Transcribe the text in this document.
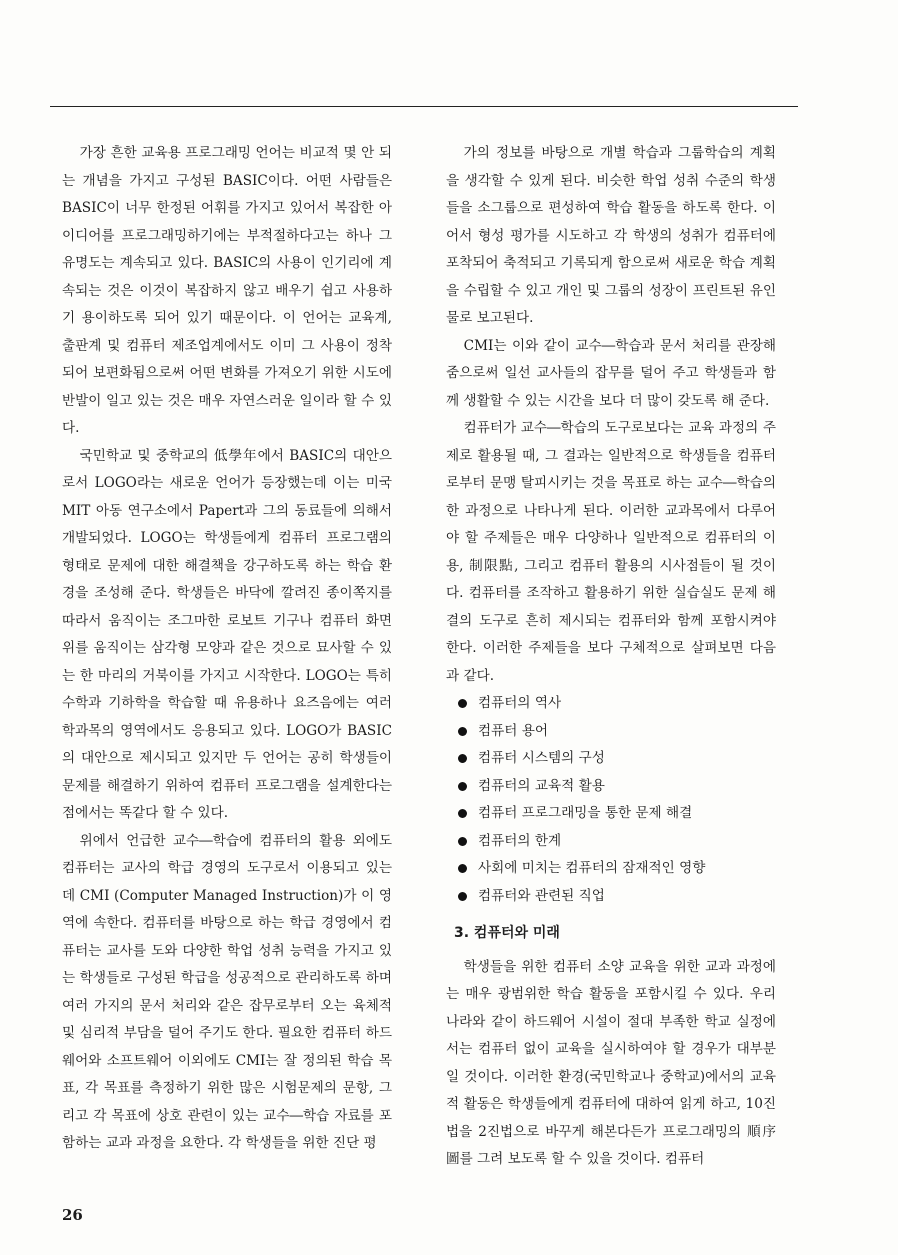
가장 흔한 교육용 프로그래밍 언어는 비교적 몇 안 되는 개념을 가지고 구성된 BASIC이다. 어떤 사람들은 BASIC이 너무 한정된 어휘를 가지고 있어서 복잡한 아이디어를 프로그래밍하기에는 부적절하다고는 하나 그 유명도는 계속되고 있다. BASIC의 사용이 인기리에 계속되는 것은 이것이 복잡하지 않고 배우기 쉽고 사용하기 용이하도록 되어 있기 때문이다. 이 언어는 교육계, 출판계 및 컴퓨터 제조업계에서도 이미 그 사용이 정착되어 보편화됨으로써 어떤 변화를 가져오기 위한 시도에 반발이 일고 있는 것은 매우 자연스러운 일이라 할 수 있다.

국민학교 및 중학교의 低學年에서 BASIC의 대안으로서 LOGO라는 새로운 언어가 등장했는데 이는 미국 MIT 아동 연구소에서 Papert과 그의 동료들에 의해서 개발되었다. LOGO는 학생들에게 컴퓨터 프로그램의 형태로 문제에 대한 해결책을 강구하도록 하는 학습 환경을 조성해 준다. 학생들은 바닥에 깔려진 종이쪽지를 따라서 움직이는 조그마한 로보트 기구나 컴퓨터 화면 위를 움직이는 삼각형 모양과 같은 것으로 묘사할 수 있는 한 마리의 거북이를 가지고 시작한다. LOGO는 특히 수학과 기하학을 학습할 때 유용하나 요즈음에는 여러 학과목의 영역에서도 응용되고 있다. LOGO가 BASIC의 대안으로 제시되고 있지만 두 언어는 공히 학생들이 문제를 해결하기 위하여 컴퓨터 프로그램을 설계한다는 점에서는 똑같다 할 수 있다.

위에서 언급한 교수―학습에 컴퓨터의 활용 외에도 컴퓨터는 교사의 학급 경영의 도구로서 이용되고 있는 데 CMI (Computer Managed Instruction)가 이 영역에 속한다. 컴퓨터를 바탕으로 하는 학급 경영에서 컴퓨터는 교사를 도와 다양한 학업 성취 능력을 가지고 있는 학생들로 구성된 학급을 성공적으로 관리하도록 하며 여러 가지의 문서 처리와 같은 잡무로부터 오는 육체적 및 심리적 부담을 덜어 주기도 한다. 필요한 컴퓨터 하드웨어와 소프트웨어 이외에도 CMI는 잘 정의된 학습 목표, 각 목표를 측정하기 위한 많은 시험문제의 문항, 그리고 각 목표에 상호 관련이 있는 교수―학습 자료를 포함하는 교과 과정을 요한다. 각 학생들을 위한 진단 평

가의 정보를 바탕으로 개별 학습과 그룹학습의 계획을 생각할 수 있게 된다. 비슷한 학업 성취 수준의 학생들을 소그룹으로 편성하여 학습 활동을 하도록 한다. 이어서 형성 평가를 시도하고 각 학생의 성취가 컴퓨터에 포착되어 축적되고 기록되게 함으로써 새로운 학습 계획을 수립할 수 있고 개인 및 그룹의 성장이 프린트된 유인물로 보고된다.

CMI는 이와 같이 교수―학습과 문서 처리를 관장해 줌으로써 일선 교사들의 잡무를 덜어 주고 학생들과 함께 생활할 수 있는 시간을 보다 더 많이 갖도록 해 준다.

컴퓨터가 교수―학습의 도구로보다는 교육 과정의 주제로 활용될 때, 그 결과는 일반적으로 학생들을 컴퓨터로부터 문맹 탈피시키는 것을 목표로 하는 교수―학습의 한 과정으로 나타나게 된다. 이러한 교과목에서 다루어야 할 주제들은 매우 다양하나 일반적으로 컴퓨터의 이용, 制限點, 그리고 컴퓨터 활용의 시사점들이 될 것이다. 컴퓨터를 조작하고 활용하기 위한 실습실도 문제 해결의 도구로 흔히 제시되는 컴퓨터와 함께 포함시켜야 한다. 이러한 주제들을 보다 구체적으로 살펴보면 다음과 같다.

컴퓨터의 역사
컴퓨터 용어
컴퓨터 시스템의 구성
컴퓨터의 교육적 활용
컴퓨터 프로그래밍을 통한 문제 해결
컴퓨터의 한계
사회에 미치는 컴퓨터의 잠재적인 영향
컴퓨터와 관련된 직업
3. 컴퓨터와 미래

학생들을 위한 컴퓨터 소양 교육을 위한 교과 과정에는 매우 광범위한 학습 활동을 포함시킬 수 있다. 우리 나라와 같이 하드웨어 시설이 절대 부족한 학교 실정에서는 컴퓨터 없이 교육을 실시하여야 할 경우가 대부분일 것이다. 이러한 환경(국민학교나 중학교)에서의 교육적 활동은 학생들에게 컴퓨터에 대하여 읽게 하고, 10진법을 2진법으로 바꾸게 해본다든가 프로그래밍의 順序圖를 그려 보도록 할 수 있을 것이다. 컴퓨터

26
